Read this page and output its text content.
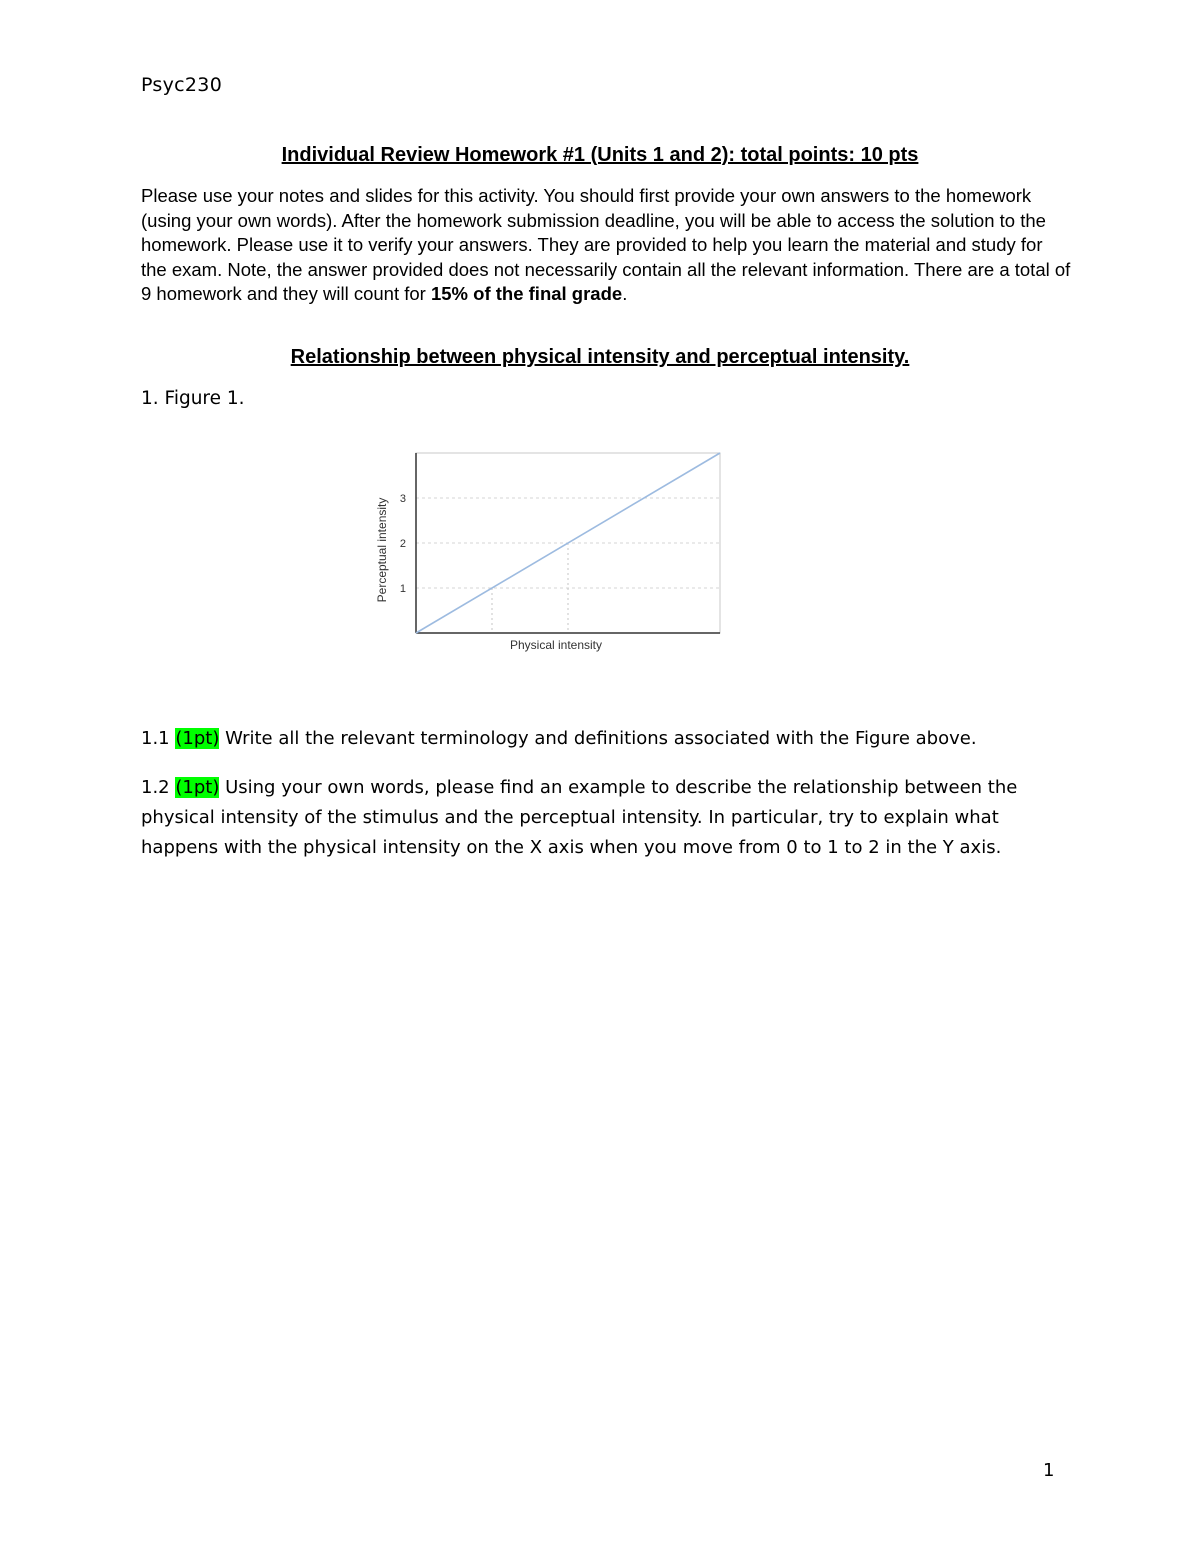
Psyc230
Individual Review Homework #1 (Units 1 and 2): total points: 10 pts
Please use your notes and slides for this activity. You should first provide your own answers to the homework (using your own words). After the homework submission deadline, you will be able to access the solution to the homework. Please use it to verify your answers. They are provided to help you learn the material and study for the exam. Note, the answer provided does not necessarily contain all the relevant information. There are a total of 9 homework and they will count for 15% of the final grade.
Relationship between physical intensity and perceptual intensity.
1. Figure 1.
1
2
3
Physical intensity
Perceptual intensity
1.1 (1pt) Write all the relevant terminology and definitions associated with the Figure above.
1.2 (1pt) Using your own words, please find an example to describe the relationship between the physical intensity of the stimulus and the perceptual intensity. In particular, try to explain what happens with the physical intensity on the X axis when you move from 0 to 1 to 2 in the Y axis.
1
